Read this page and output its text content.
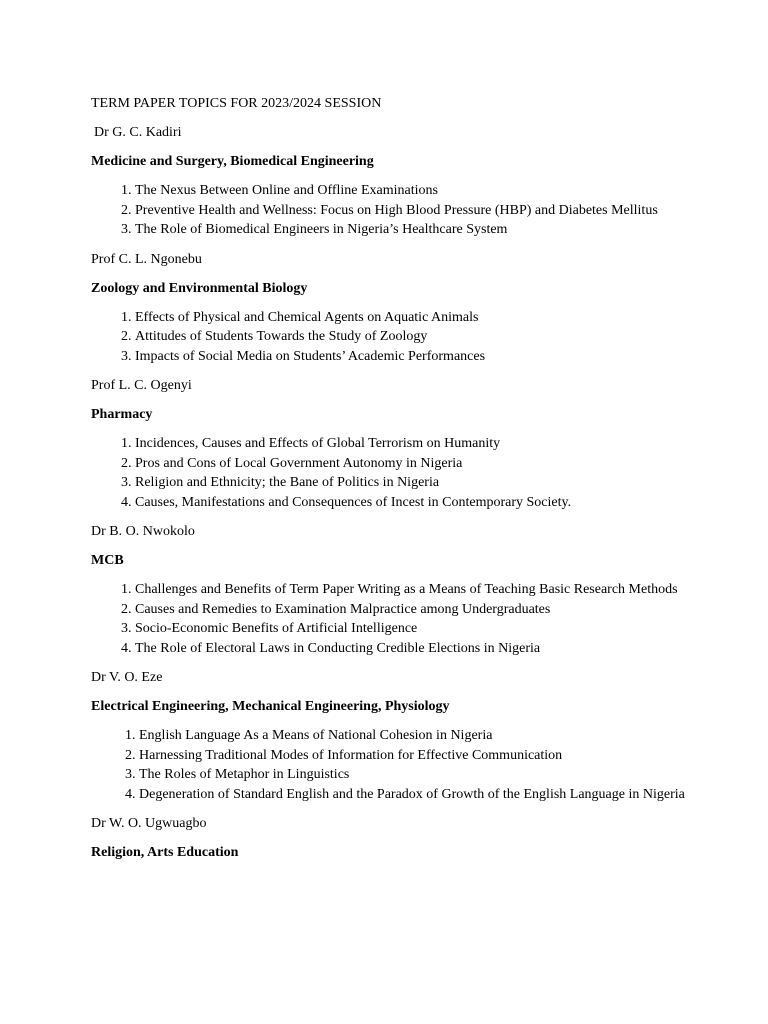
TERM PAPER TOPICS FOR 2023/2024 SESSION

Dr G. C. Kadiri

Medicine and Surgery, Biomedical Engineering

1. The Nexus Between Online and Offline Examinations
2. Preventive Health and Wellness: Focus on High Blood Pressure (HBP) and Diabetes Mellitus
3. The Role of Biomedical Engineers in Nigeria’s Healthcare System

Prof C. L. Ngonebu

Zoology and Environmental Biology

1. Effects of Physical and Chemical Agents on Aquatic Animals
2. Attitudes of Students Towards the Study of Zoology
3. Impacts of Social Media on Students’ Academic Performances

Prof L. C. Ogenyi

Pharmacy

1. Incidences, Causes and Effects of Global Terrorism on Humanity
2. Pros and Cons of Local Government Autonomy in Nigeria
3. Religion and Ethnicity; the Bane of Politics in Nigeria
4. Causes, Manifestations and Consequences of Incest in Contemporary Society.

Dr B. O. Nwokolo

MCB

1. Challenges and Benefits of Term Paper Writing as a Means of Teaching Basic Research Methods
2. Causes and Remedies to Examination Malpractice among Undergraduates
3. Socio-Economic Benefits of Artificial Intelligence
4. The Role of Electoral Laws in Conducting Credible Elections in Nigeria

Dr V. O. Eze

Electrical Engineering, Mechanical Engineering, Physiology

1. English Language As a Means of National Cohesion in Nigeria
2. Harnessing Traditional Modes of Information for Effective Communication
3. The Roles of Metaphor in Linguistics
4. Degeneration of Standard English and the Paradox of Growth of the English Language in Nigeria

Dr W. O. Ugwuagbo

Religion, Arts Education
